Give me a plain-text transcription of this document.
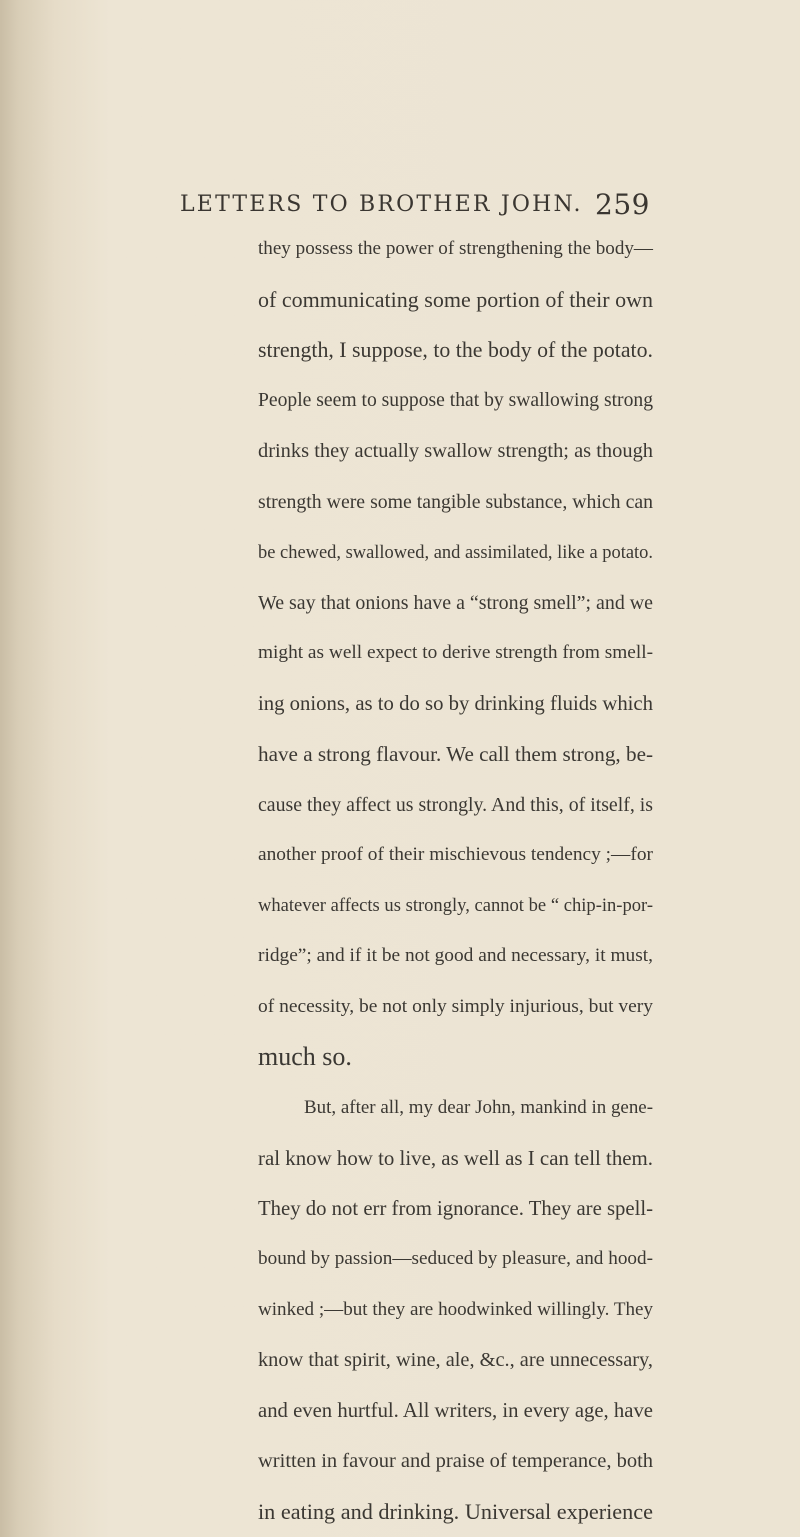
LETTERS TO BROTHER JOHN. 259
they possess the power of strengthening the body—
of communicating some portion of their own
strength, I suppose, to the body of the potato.
People seem to suppose that by swallowing strong
drinks they actually swallow strength; as though
strength were some tangible substance, which can
be chewed, swallowed, and assimilated, like a potato.
We say that onions have a “strong smell”; and we
might as well expect to derive strength from smell-
ing onions, as to do so by drinking fluids which
have a strong flavour. We call them strong, be-
cause they affect us strongly. And this, of itself, is
another proof of their mischievous tendency ;—for
whatever affects us strongly, cannot be “ chip-in-por-
ridge”; and if it be not good and necessary, it must,
of necessity, be not only simply injurious, but very
much so.
But, after all, my dear John, mankind in gene-
ral know how to live, as well as I can tell them.
They do not err from ignorance. They are spell-
bound by passion—seduced by pleasure, and hood-
winked ;—but they are hoodwinked willingly. They
know that spirit, wine, ale, &c., are unnecessary,
and even hurtful. All writers, in every age, have
written in favour and praise of temperance, both
in eating and drinking. Universal experience
